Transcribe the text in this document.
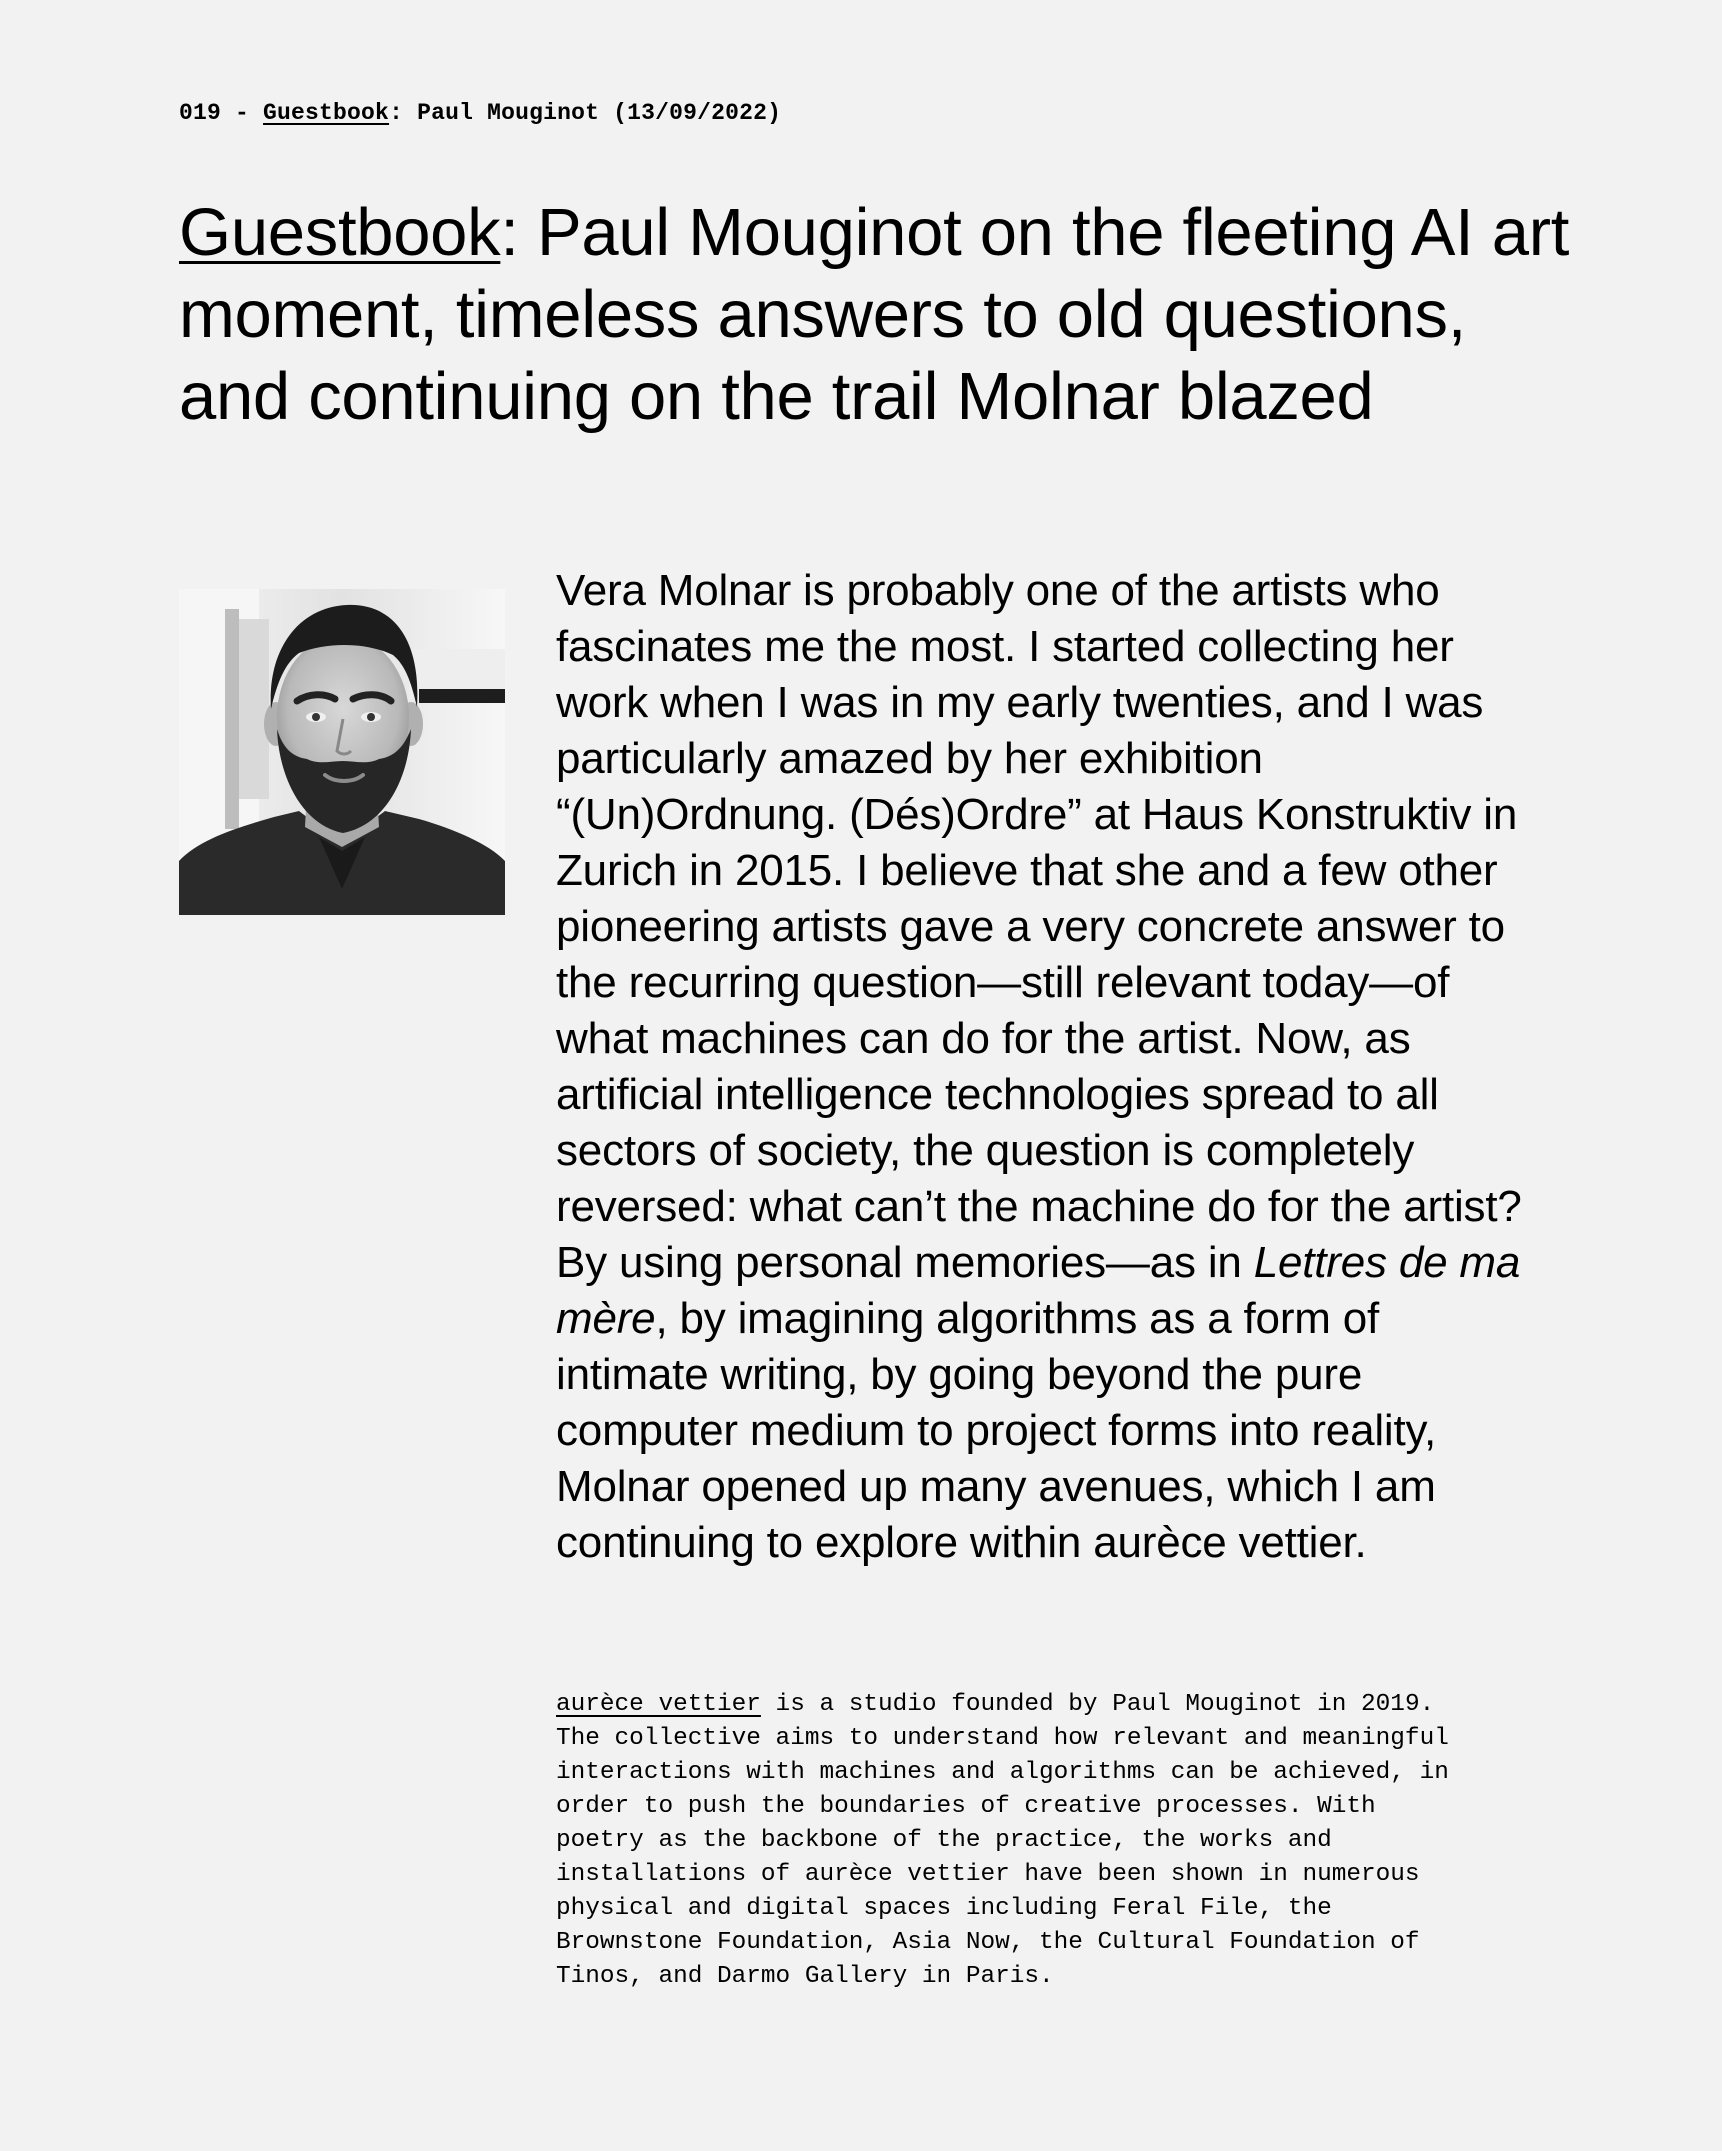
019 - Guestbook: Paul Mouginot (13/09/2022)
Guestbook: Paul Mouginot on the fleeting AI art
moment, timeless answers to old questions,
and continuing on the trail Molnar blazed

Vera Molnar is probably one of the artists who
fascinates me the most. I started collecting her
work when I was in my early twenties, and I was
particularly amazed by her exhibition
“(Un)Ordnung. (Dés)Ordre” at Haus Konstruktiv in
Zurich in 2015. I believe that she and a few other
pioneering artists gave a very concrete answer to
the recurring question—still relevant today—of
what machines can do for the artist. Now, as
artificial intelligence technologies spread to all
sectors of society, the question is completely
reversed: what can’t the machine do for the artist?
By using personal memories—as in Lettres de ma
mère, by imagining algorithms as a form of
intimate writing, by going beyond the pure
computer medium to project forms into reality,
Molnar opened up many avenues, which I am
continuing to explore within aurèce vettier.

aurèce vettier is a studio founded by Paul Mouginot in 2019.
The collective aims to understand how relevant and meaningful
interactions with machines and algorithms can be achieved, in
order to push the boundaries of creative processes. With
poetry as the backbone of the practice, the works and
installations of aurèce vettier have been shown in numerous
physical and digital spaces including Feral File, the
Brownstone Foundation, Asia Now, the Cultural Foundation of
Tinos, and Darmo Gallery in Paris.
